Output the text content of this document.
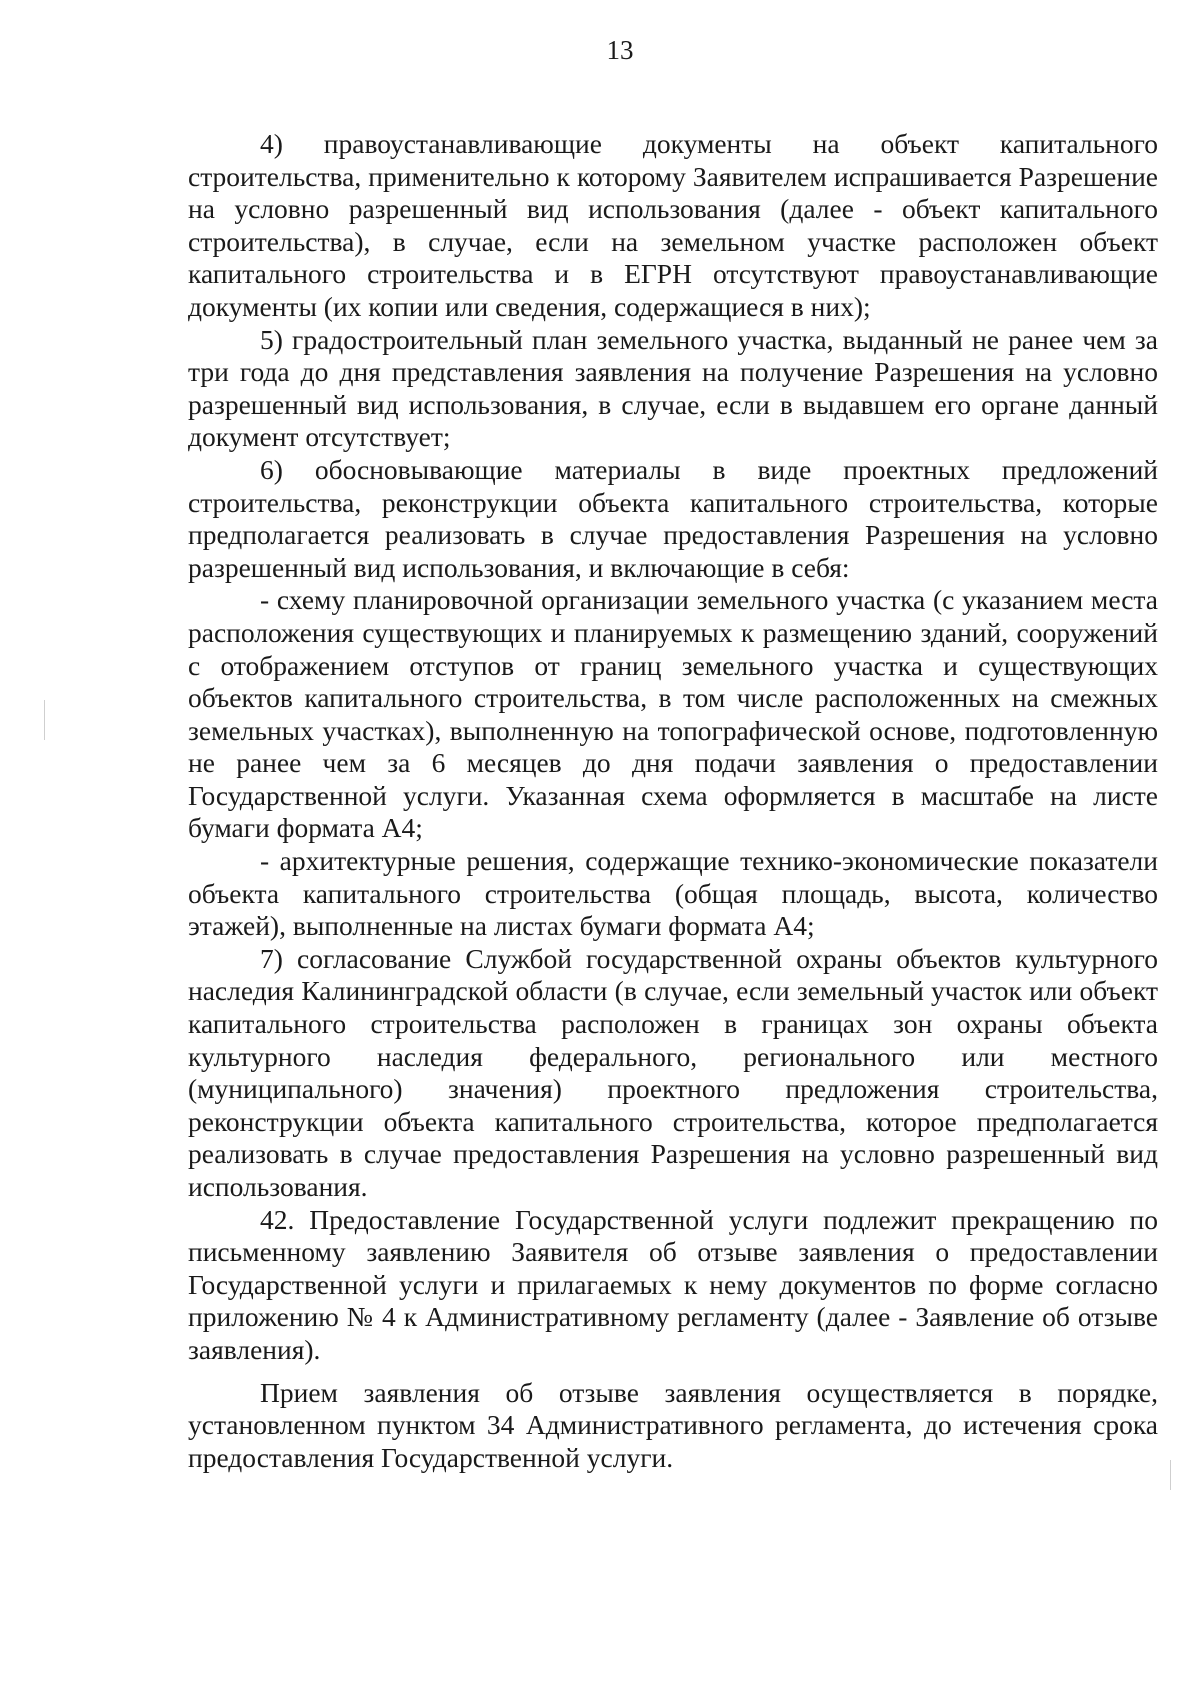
13

4) правоустанавливающие документы на объект капитального строительства, применительно к которому Заявителем испрашивается Разрешение на условно разрешенный вид использования (далее - объект капитального строительства), в случае, если на земельном участке расположен объект капитального строительства и в ЕГРН отсутствуют правоустанавливающие документы (их копии или сведения, содержащиеся в них);

5) градостроительный план земельного участка, выданный не ранее чем за три года до дня представления заявления на получение Разрешения на условно разрешенный вид использования, в случае, если в выдавшем его органе данный документ отсутствует;

6) обосновывающие материалы в виде проектных предложений строительства, реконструкции объекта капитального строительства, которые предполагается реализовать в случае предоставления Разрешения на условно разрешенный вид использования, и включающие в себя:

- схему планировочной организации земельного участка (с указанием места расположения существующих и планируемых к размещению зданий, сооружений с отображением отступов от границ земельного участка и существующих объектов капитального строительства, в том числе расположенных на смежных земельных участках), выполненную на топографической основе, подготовленную не ранее чем за 6 месяцев до дня подачи заявления о предоставлении Государственной услуги. Указанная схема оформляется в масштабе на листе бумаги формата А4;

- архитектурные решения, содержащие технико-экономические показатели объекта капитального строительства (общая площадь, высота, количество этажей), выполненные на листах бумаги формата А4;

7) согласование Службой государственной охраны объектов культурного наследия Калининградской области (в случае, если земельный участок или объект капитального строительства расположен в границах зон охраны объекта культурного наследия федерального, регионального или местного (муниципального) значения) проектного предложения строительства, реконструкции объекта капитального строительства, которое предполагается реализовать в случае предоставления Разрешения на условно разрешенный вид использования.

42. Предоставление Государственной услуги подлежит прекращению по письменному заявлению Заявителя об отзыве заявления о предоставлении Государственной услуги и прилагаемых к нему документов по форме согласно приложению № 4 к Административному регламенту (далее - Заявление об отзыве заявления).

Прием заявления об отзыве заявления осуществляется в порядке, установленном пунктом 34 Административного регламента, до истечения срока предоставления Государственной услуги.
